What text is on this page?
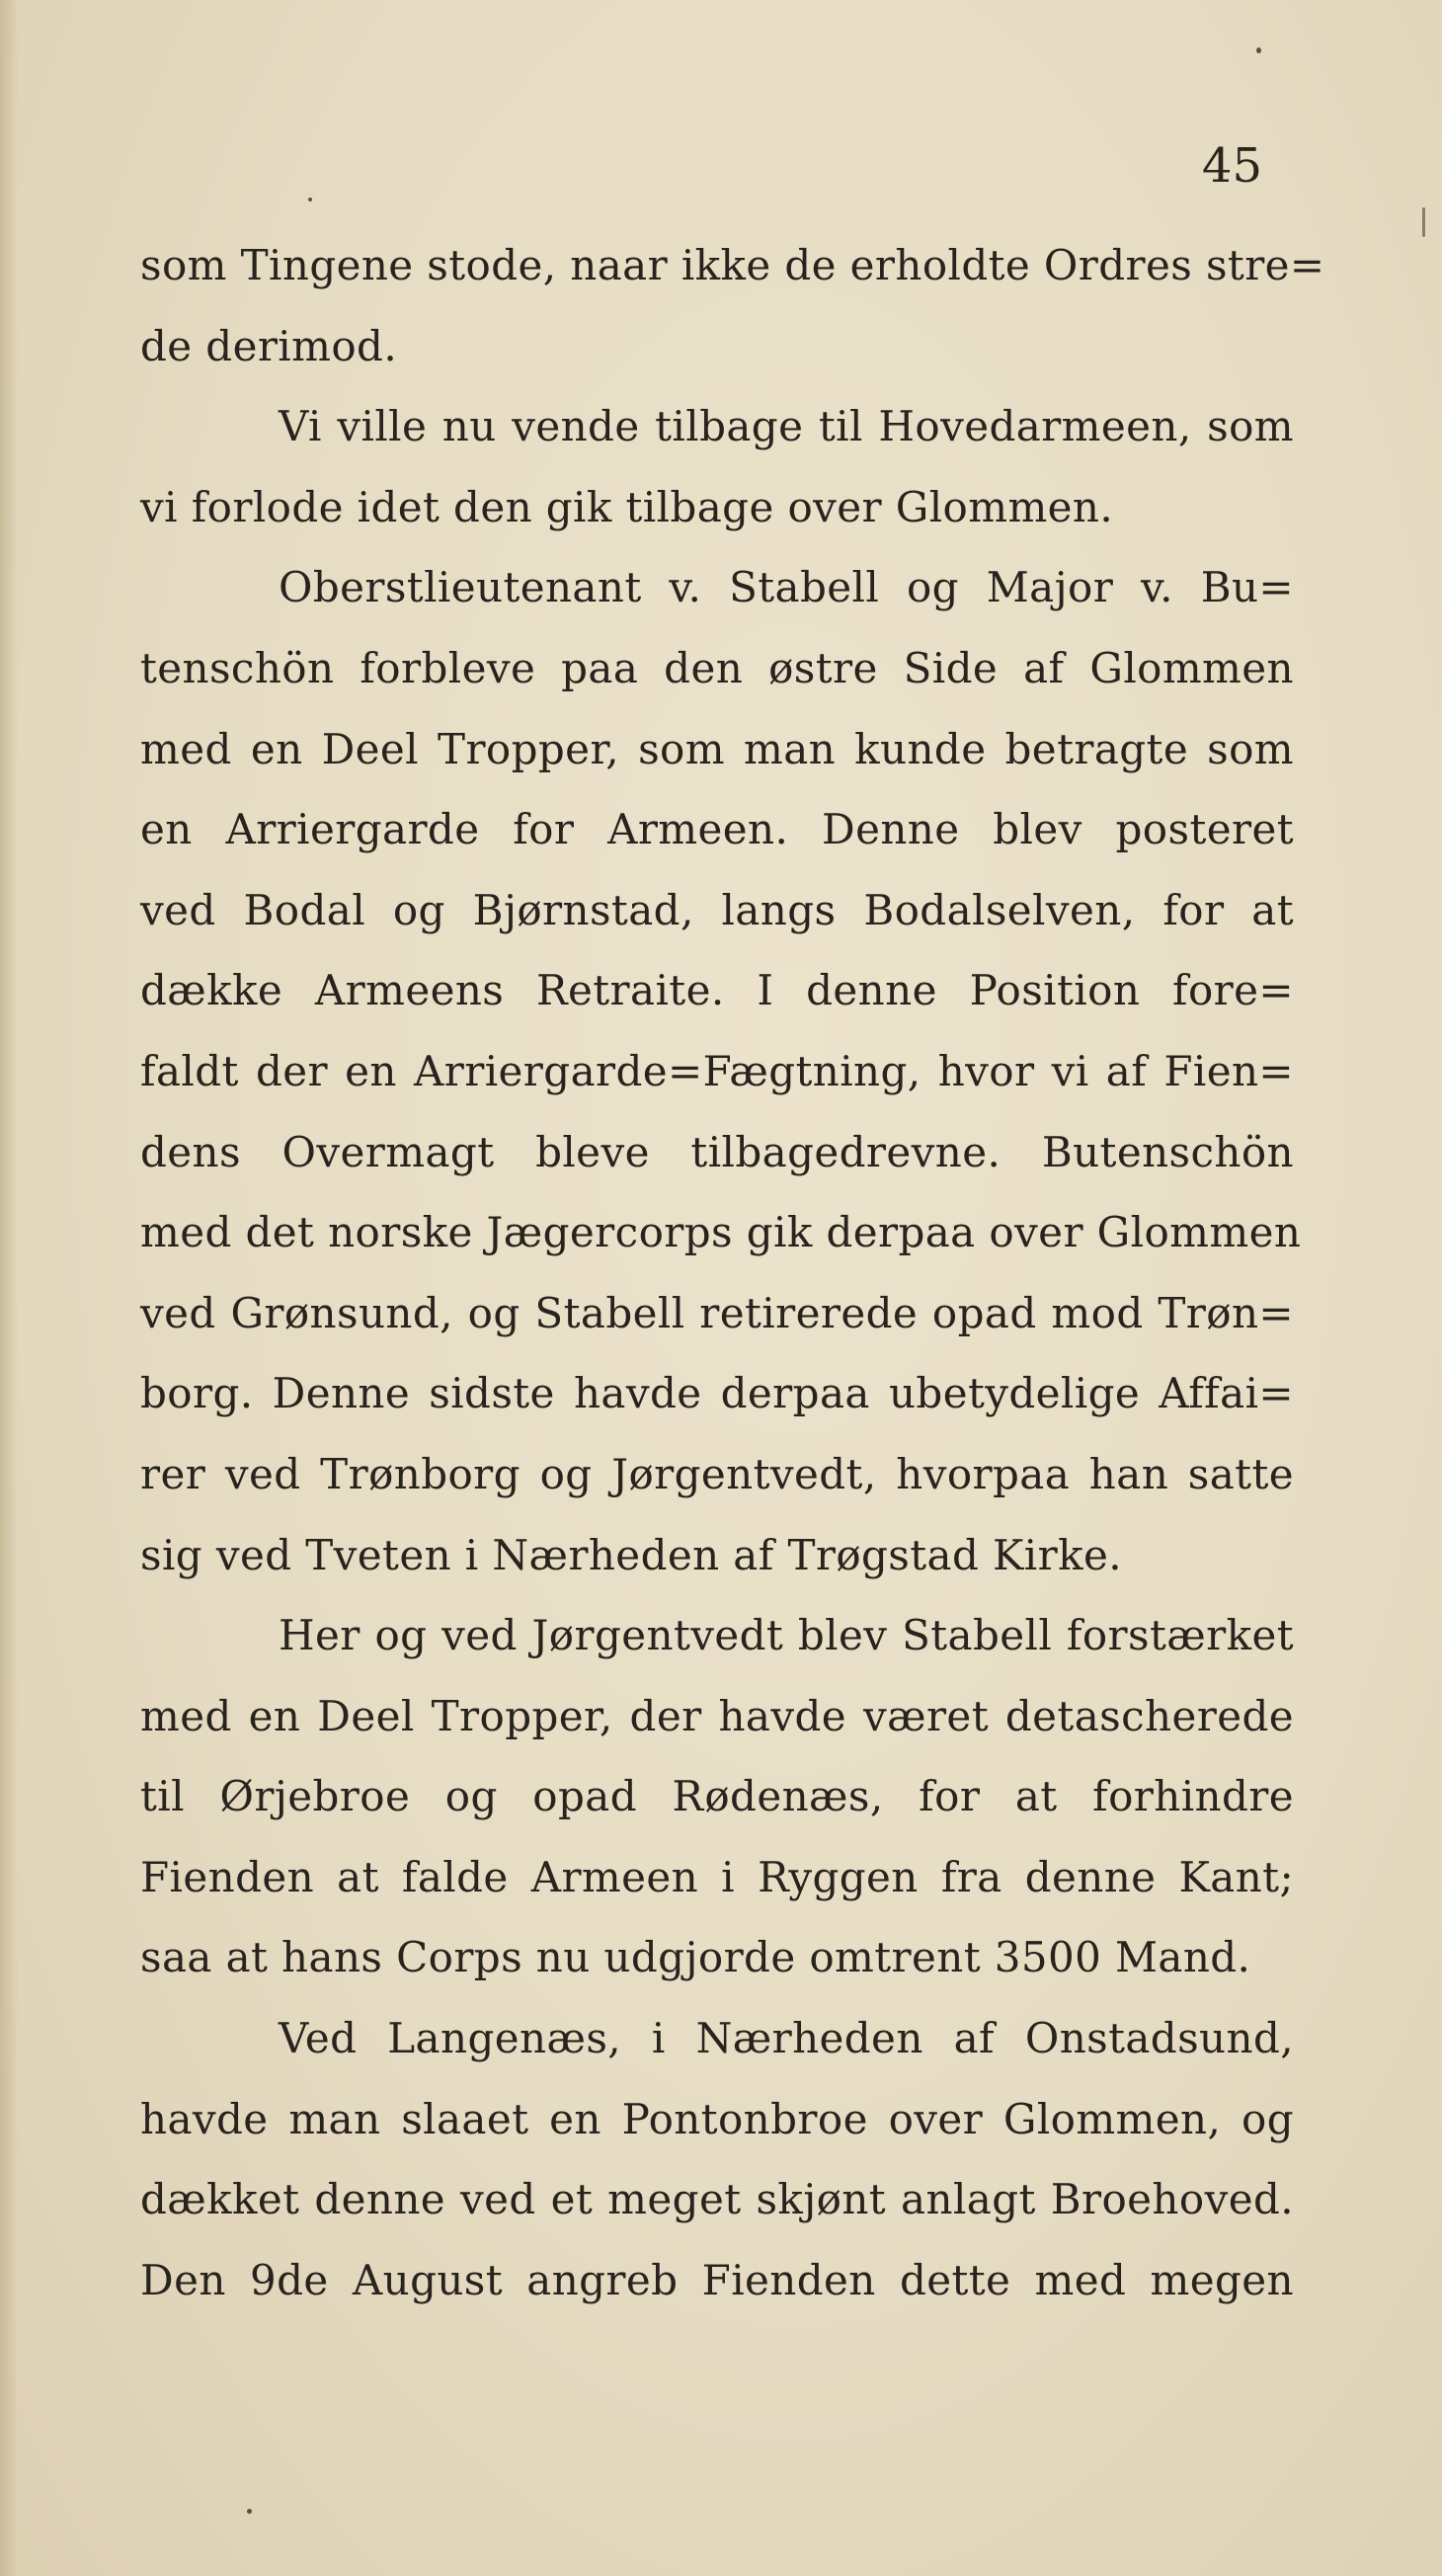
45
som Tingene stode, naar ikke de erholdte Ordres stre=
de derimod.
Vi ville nu vende tilbage til Hovedarmeen, som
vi forlode idet den gik tilbage over Glommen.
Oberstlieutenant v. Stabell og Major v. Bu=
tenschön forbleve paa den østre Side af Glommen
med en Deel Tropper, som man kunde betragte som
en Arriergarde for Armeen. Denne blev posteret
ved Bodal og Bjørnstad, langs Bodalselven, for at
dække Armeens Retraite. I denne Position fore=
faldt der en Arriergarde=Fægtning, hvor vi af Fien=
dens Overmagt bleve tilbagedrevne. Butenschön
med det norske Jægercorps gik derpaa over Glommen
ved Grønsund, og Stabell retirerede opad mod Trøn=
borg. Denne sidste havde derpaa ubetydelige Affai=
rer ved Trønborg og Jørgentvedt, hvorpaa han satte
sig ved Tveten i Nærheden af Trøgstad Kirke.
Her og ved Jørgentvedt blev Stabell forstærket
med en Deel Tropper, der havde været detascherede
til Ørjebroe og opad Rødenæs, for at forhindre
Fienden at falde Armeen i Ryggen fra denne Kant;
saa at hans Corps nu udgjorde omtrent 3500 Mand.
Ved Langenæs, i Nærheden af Onstadsund,
havde man slaaet en Pontonbroe over Glommen, og
dækket denne ved et meget skjønt anlagt Broehoved.
Den 9de August angreb Fienden dette med megen
